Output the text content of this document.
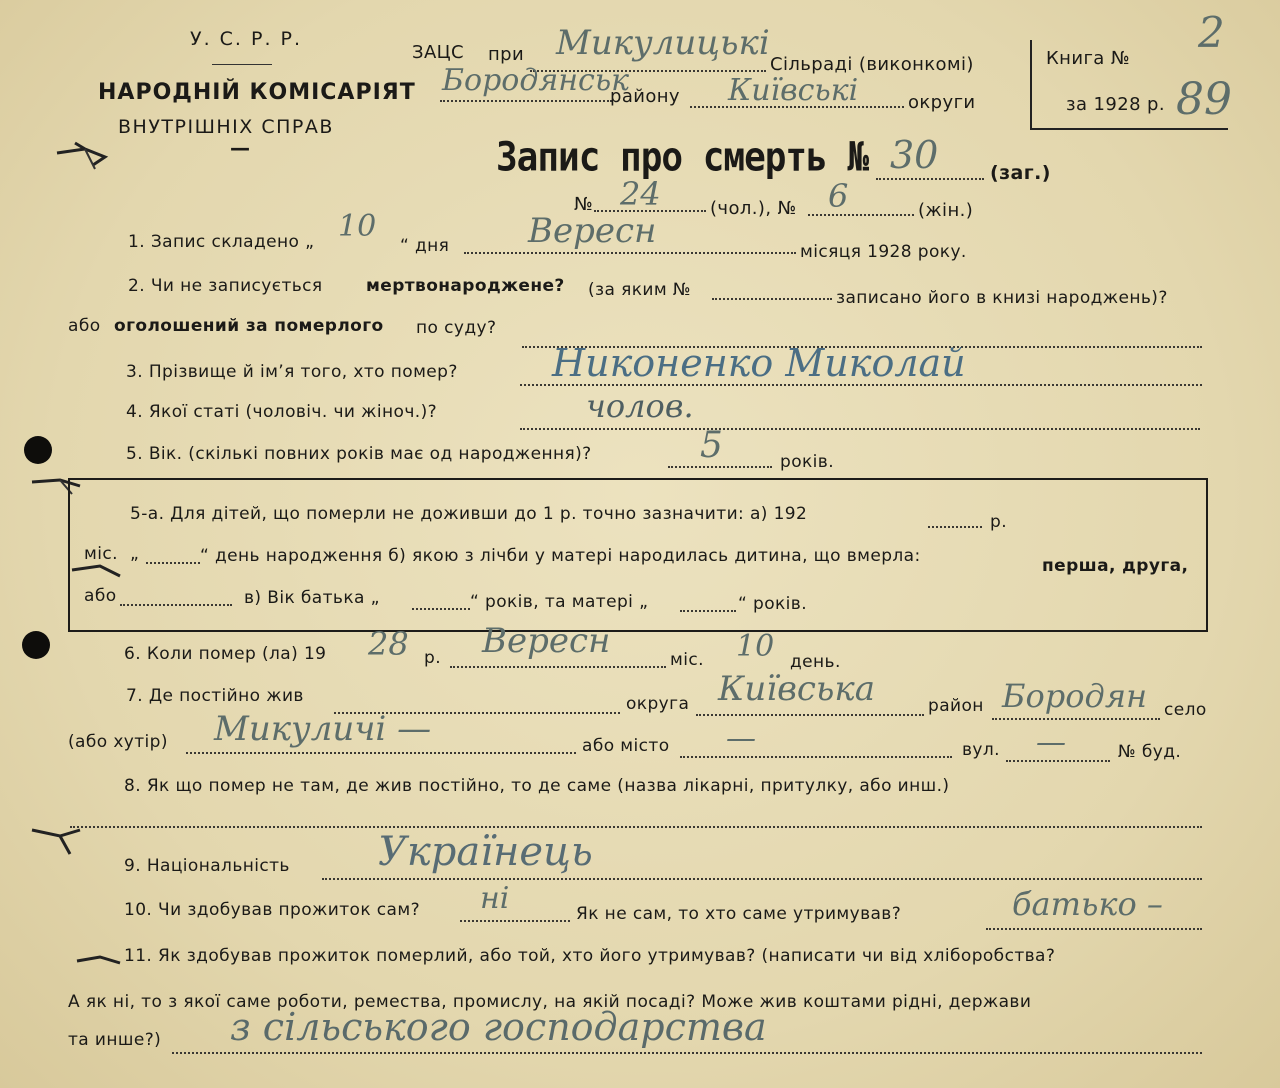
У. С. Р. Р.
НАРОДНІЙ КОМІСАРІЯТ
ВНУТРІШНІХ СПРАВ
—
ЗАЦС при Микулицькі
Сільраді (виконкомі)
Бородянськ
району Київські	округи
Книга №
2
за 1928 р. 89
Запис про смерть № 30	(заг.)
№ 24	(чол.), № 6	(жін.)
1. Запис складено „ 10
“ дня Вересн
місяця 1928 року.
2. Чи не записується	мертвонароджене? (за яким №	записано його в книзі народжень)?
або оголошений за померлого по суду?
3. Прізвище й ім’я того, хто помер? Никоненко Миколай
4. Якої статі (чоловіч. чи жіноч.)?	чолов.
5. Вік. (скількі повних років має од народження)?	5	років.
5-а. Для дітей, що померли не доживши до 1 р. точно зазначити: а) 192	р.
міс. „	“ день народження б) якою з лічби у матері народилась дитина, що вмерла:	перша, друга,
або	в) Вік батька „	“ років, та матері „	“ років.
6. Коли помер (ла) 19 28 р. Вересн	міс. 10 день.
7. Де постійно жив	округа Київська	район Бородян село
(або хутір) Микуличі —	або місто —	вул. —	№ буд.
8. Як що помер не там, де жив постійно, то де саме (назва лікарні, притулку, або инш.)
9. Національність Українець
10. Чи здобував прожиток сам? ні	Як не сам, то хто саме утримував?	батько –
11. Як здобував прожиток померлий, або той, хто його утримував? (написати чи від хліборобства?
А як ні, то з якої саме роботи, ремества, промислу, на якій посаді? Може жив коштами рідні, держави
та инше?) з сільського господарства
